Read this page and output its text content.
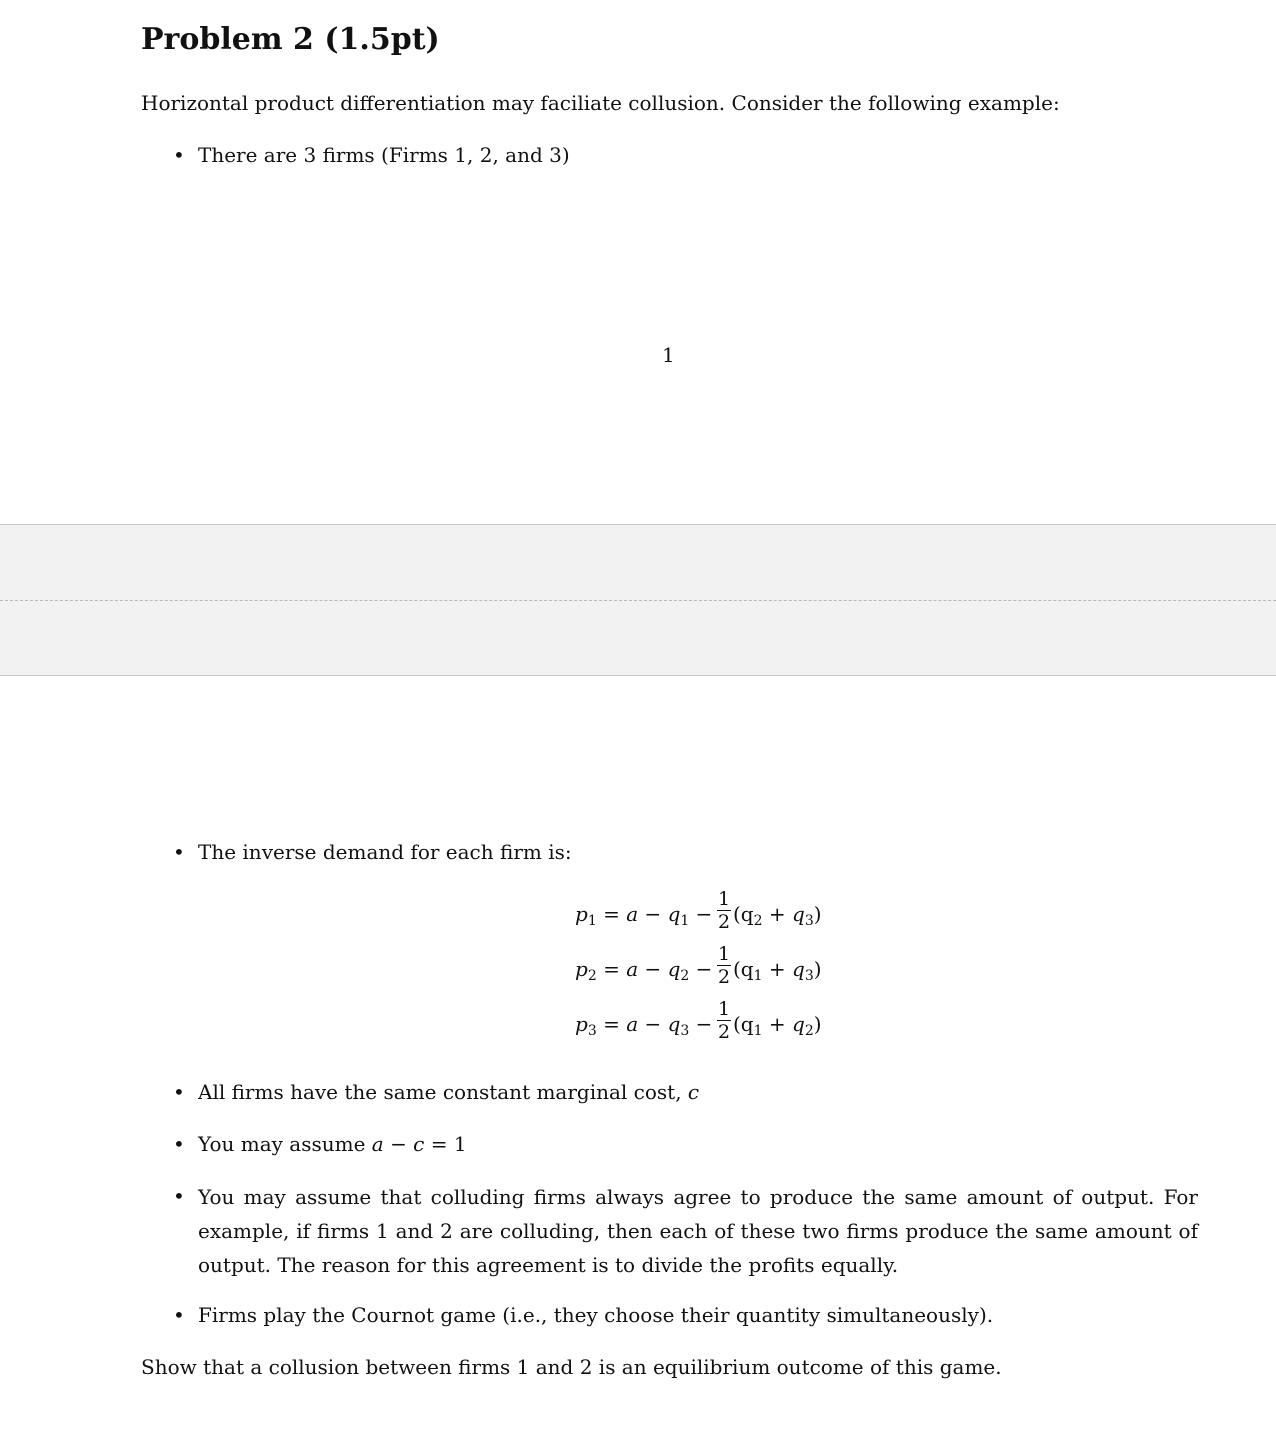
Problem 2 (1.5pt)

Horizontal product differentiation may faciliate collusion. Consider the following example:

• There are 3 firms (Firms 1, 2, and 3)
1
• The inverse demand for each firm is:
$p_1 = a - q_1 - \frac{1}{2} (q_2 + q_3)$
$p_2 = a - q_2 - \frac{1}{2} (q_1 + q_3)$
$p_3 = a - q_3 - \frac{1}{2} (q_1 + q_2)$
• All firms have the same constant marginal cost, c
• You may assume a − c = 1
• You may assume that colluding firms always agree to produce the same amount of output. For example, if firms 1 and 2 are colluding, then each of these two firms produce the same amount of output. The reason for this agreement is to divide the profits equally.

• Firms play the Cournot game (i.e., they choose their quantity simultaneously).

Show that a collusion between firms 1 and 2 is an equilibrium outcome of this game.
